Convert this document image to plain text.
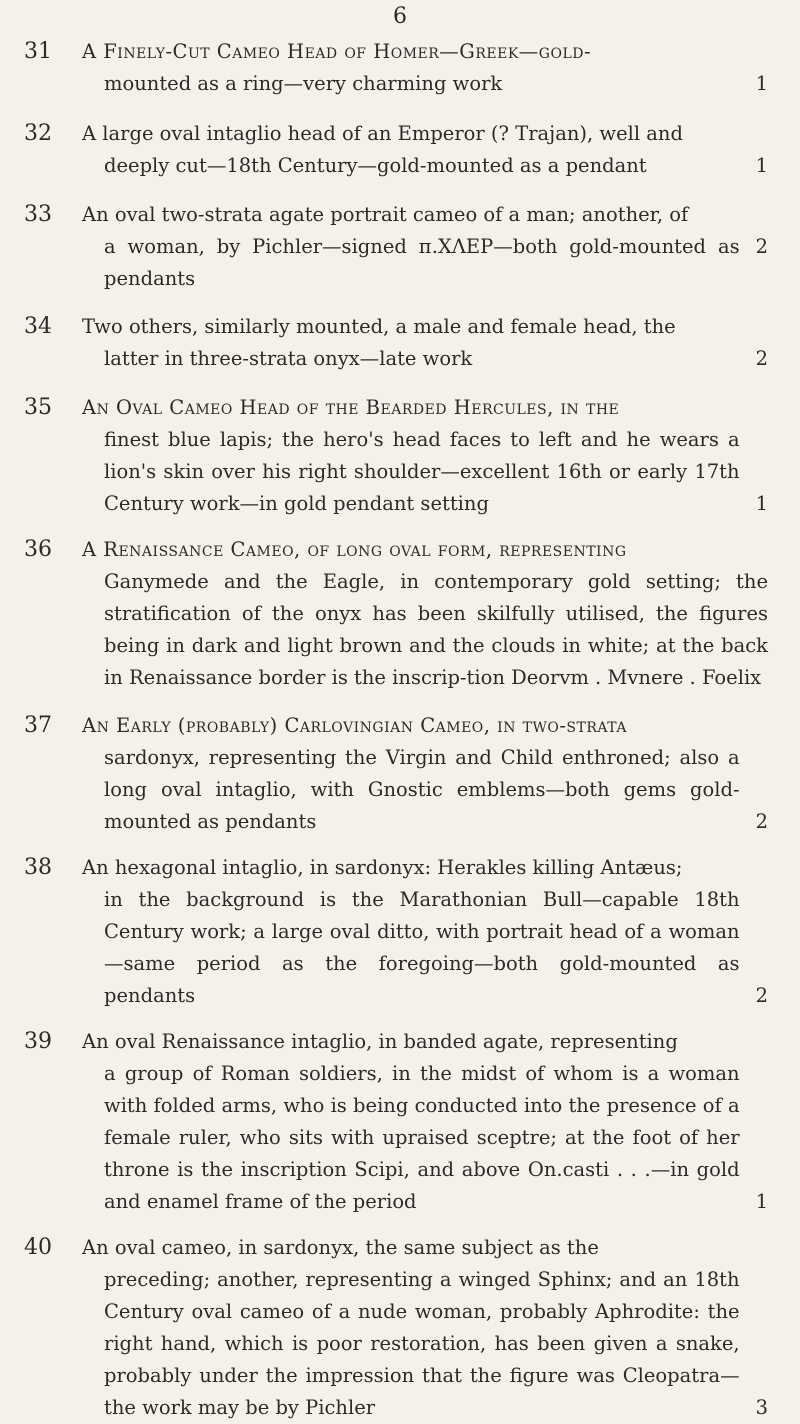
6
31 A Finely-Cut Cameo Head of Homer—Greek—gold-
1
mounted as a ring—very charming work
32 A large oval intaglio head of an Emperor (? Trajan), well and
1
deeply cut—18th Century—gold-mounted as a pendant
33 An oval two-strata agate portrait cameo of a man; another, of
2
a woman, by Pichler—signed п.ХΛEP—both gold-mounted as pendants
34 Two others, similarly mounted, a male and female head, the
2
latter in three-strata onyx—late work
35 An Oval Cameo Head of the Bearded Hercules, in the
1
finest blue lapis; the hero's head faces to left and he wears a lion's skin over his right shoulder—excellent 16th or early 17th Century work—in gold pendant setting
36 A Renaissance Cameo, of long oval form, representing
Ganymede and the Eagle, in contemporary gold setting; the stratification of the onyx has been skilfully utilised, the figures being in dark and light brown and the clouds in white; at the back in Renaissance border is the inscrip-tion Deorvm . Mvnere . Foelix
37 An Early (probably) Carlovingian Cameo, in two-strata
2
sardonyx, representing the Virgin and Child enthroned; also a long oval intaglio, with Gnostic emblems—both gems gold-mounted as pendants
38 An hexagonal intaglio, in sardonyx: Herakles killing Antæus;
2
in the background is the Marathonian Bull—capable 18th Century work; a large oval ditto, with portrait head of a woman—same period as the foregoing—both gold-mounted as pendants
39 An oval Renaissance intaglio, in banded agate, representing
1
a group of Roman soldiers, in the midst of whom is a woman with folded arms, who is being conducted into the presence of a female ruler, who sits with upraised sceptre; at the foot of her throne is the inscription Scipi, and above On.casti . . .—in gold and enamel frame of the period
40 An oval cameo, in sardonyx, the same subject as the
3
preceding; another, representing a winged Sphinx; and an 18th Century oval cameo of a nude woman, probably Aphrodite: the right hand, which is poor restoration, has been given a snake, probably under the impression that the figure was Cleopatra—the work may be by Pichler
